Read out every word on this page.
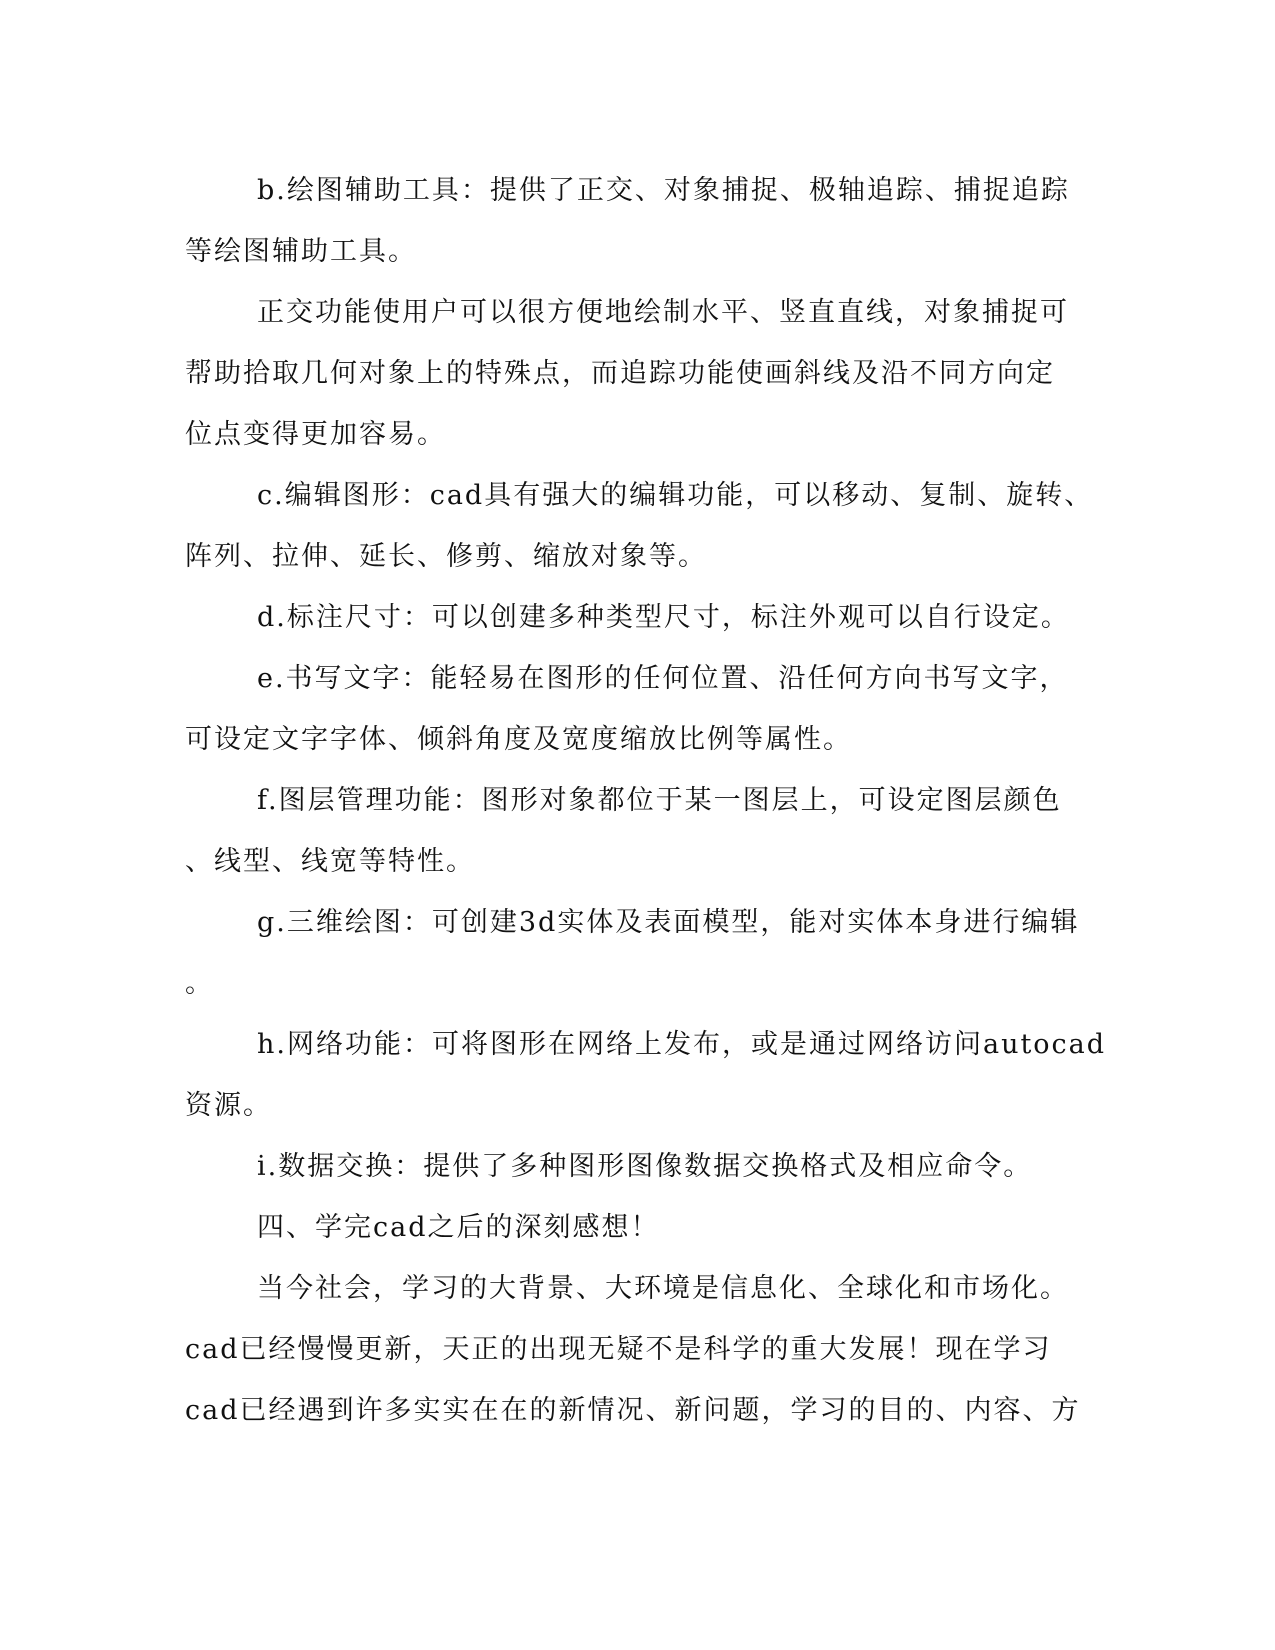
b.绘图辅助工具：提供了正交、对象捕捉、极轴追踪、捕捉追踪
等绘图辅助工具。
正交功能使用户可以很方便地绘制水平、竖直直线，对象捕捉可
帮助拾取几何对象上的特殊点，而追踪功能使画斜线及沿不同方向定
位点变得更加容易。
c.编辑图形：cad具有强大的编辑功能，可以移动、复制、旋转、
阵列、拉伸、延长、修剪、缩放对象等。
d.标注尺寸：可以创建多种类型尺寸，标注外观可以自行设定。
e.书写文字：能轻易在图形的任何位置、沿任何方向书写文字，
可设定文字字体、倾斜角度及宽度缩放比例等属性。
f.图层管理功能：图形对象都位于某一图层上，可设定图层颜色
、线型、线宽等特性。
g.三维绘图：可创建3d实体及表面模型，能对实体本身进行编辑
。
h.网络功能：可将图形在网络上发布，或是通过网络访问autocad
资源。
i.数据交换：提供了多种图形图像数据交换格式及相应命令。
四、学完cad之后的深刻感想！
当今社会，学习的大背景、大环境是信息化、全球化和市场化。
cad已经慢慢更新，天正的出现无疑不是科学的重大发展！现在学习
cad已经遇到许多实实在在的新情况、新问题，学习的目的、内容、方
